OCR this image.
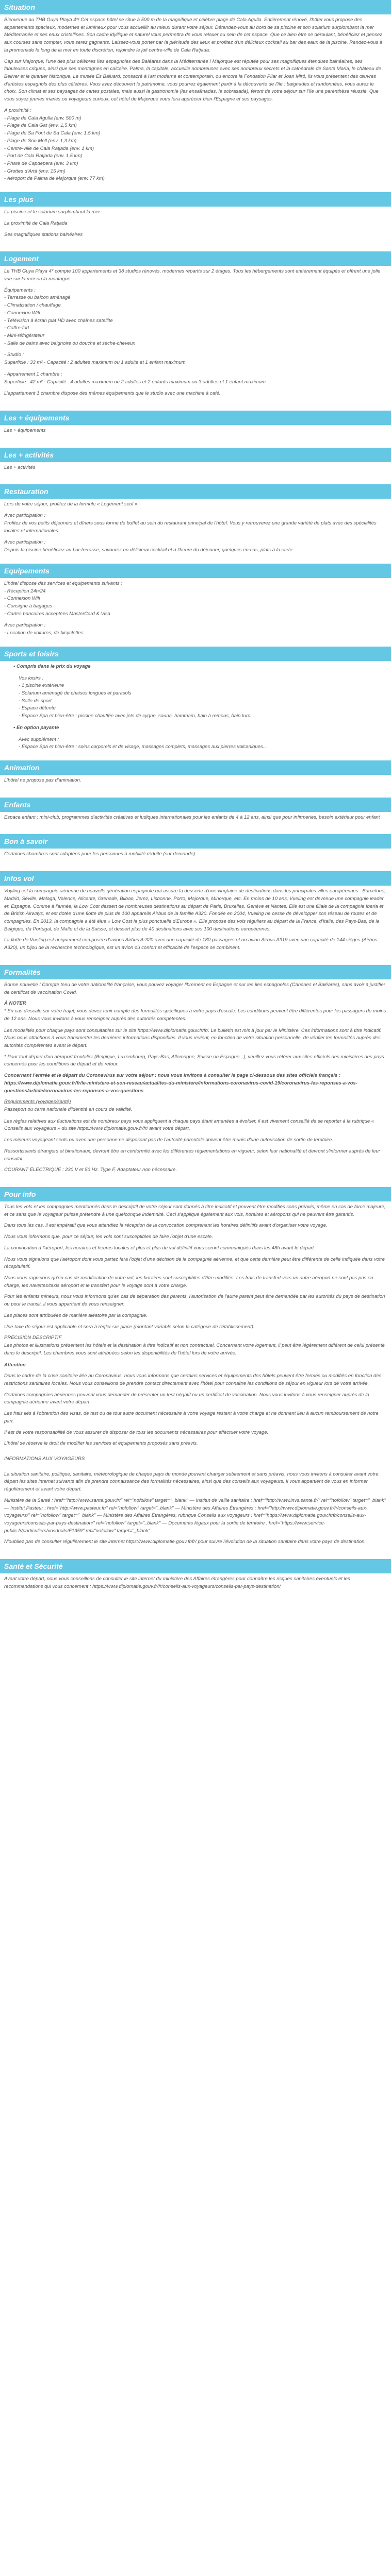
Situation

Bienvenue au THB Guya Playa 4*! Cet espace hôtel se situe à 500 m de la magnifique et célèbre plage de Cala Agulla. Entièrement rénové, l'hôtel vous propose des appartements spacieux, modernes et lumineux pour vous accueillir au mieux durant votre séjour. Détendez-vous au bord de sa piscine et son solarium surplombant la mer Méditerranée et ses eaux cristallines. Son cadre idyllique et naturel vous permettra de vous relaxer au sein de cet espace. Que ce bien être se déroulant, bénéficiez et pensez aux courses sans compter, vous serez gagnants. Laissez-vous porter par la plénitude des lieux et profitez d'un délicieux cocktail au bar des eaux de la piscine. Rendez-vous à la promenade le long de la mer en toute discrétion, rejoindre le joli centre-ville de Cala Ratjada.

Cap sur Majorque, l'une des plus célèbres îles espagnoles des Baléares dans la Méditerranée ! Majorque est réputée pour ses magnifiques étendues balnéaires, ses fabuleuses criques, ainsi que ses montagnes en calcaire. Palma, la capitale, accueille nombreuses avec ses nombreux secrets et la cathédrale de Santa Maria, le château de Bellver et le quartier historique. Le musée Es Baluard, consacré à l'art moderne et contemporain, ou encore la Fondation Pilar et Joan Miró, ils vous présentent des œuvres d'artistes espagnols des plus célèbres. Vous avez découvert le patrimoine, vous pourrez également partir à la découverte de l'île : baignades et randonnées, vous aurez le choix. Son climat et ses paysages de cartes postales, mais aussi la gastronomie (les ensaïmadas, le sobrasada), feront de votre séjour sur l'île une parenthèse réussie. Que vous soyez jeunes mariés ou voyageurs curieux, cet hôtel de Majorque vous fera apprécier bien l'Espagne et ses paysages.

À proximité :

- Plage de Cala Agulla (env. 500 m)

- Plage de Cala Gat (env. 1,5 km)

- Plage de Sa Font de Sa Cala (env. 1,5 km)

- Plage de Son Moll (env. 1,3 km)

- Centre-ville de Cala Ratjada (env. 1 km)

- Port de Cala Ratjada (env. 1,5 km)

- Phare de Capdepera (env. 3 km)

- Grottes d'Artà (env. 15 km)

- Aéroport de Palma de Majorque (env. 77 km)

Les plus

La piscine et le solarium surplombant la mer

La proximité de Cala Ratjada

Ses magnifiques stations balnéaires

Logement

Le THB Guya Playa 4* compte 100 appartements et 38 studios rénovés, modernes répartis sur 2 étages. Tous les hébergements sont entièrement équipés et offrent une jolie vue sur la mer ou la montagne.

Équipements :

- Terrasse ou balcon aménagé

- Climatisation / chauffage

- Connexion Wifi

- Télévision à écran plat HD avec chaînes satellite

- Coffre-fort

- Mini-réfrigérateur

- Salle de bains avec baignoire ou douche et sèche-cheveux

- Studio :

Superficie : 33 m² - Capacité : 2 adultes maximum ou 1 adulte et 1 enfant maximum

- Appartement 1 chambre :

Superficie : 42 m² - Capacité : 4 adultes maximum ou 2 adultes et 2 enfants maximum ou 3 adultes et 1 enfant maximum

L'appartement 1 chambre dispose des mêmes équipements que le studio avec une machine à café.

Les + équipements

Les + équipements

Les + activités

Les + activités

Restauration

Lors de votre séjour, profitez de la formule « Logement seul ».

Avec participation :

Profitez de vos petits déjeuners et dîners sous forme de buffet au sein du restaurant principal de l'hôtel. Vous y retrouverez une grande variété de plats avec des spécialités locales et internationales.

Avec participation :

Depuis la piscine bénéficiez au bar-terrasse, savourez un délicieux cocktail et à l'heure du déjeuner, quelques en-cas, plats à la carte.

Equipements

L'hôtel dispose des services et équipements suivants :

- Réception 24h/24

- Connexion Wifi

- Consigne à bagages

- Cartes bancaires acceptées MasterCard & Visa

Avec participation :

- Location de voitures, de bicyclettes

Sports et loisirs

• Compris dans le prix du voyage

Vos loisirs :

- 1 piscine extérieure

- Solarium aménagé de chaises longues et parasols

- Salle de sport

- Espace détente

- Espace Spa et bien-être : piscine chauffée avec jets de cygne, sauna, hammam, bain à remous, bain turc...

• En option payante

Avec supplément :

- Espace Spa et bien-être : soins corporels et de visage, massages complets, massages aux pierres volcaniques...

Animation

L'hôtel ne propose pas d'animation.

Enfants

Espace enfant : mini-club, programmes d'activités créatives et ludiques internationales pour les enfants de 4 à 12 ans, ainsi que pour infirmeries, besoin extérieur pour enfant

Bon à savoir

Certaines chambres sont adaptées pour les personnes à mobilité réduite (sur demande).

Infos vol

Voyling est la compagnie aérienne de nouvelle génération espagnole qui assure la desserte d'une vingtaine de destinations dans les principales villes européennes : Barcelone, Madrid, Séville, Malaga, Valence, Alicante, Grenade, Bilbao, Jerez, Lisbonne, Porto, Majorque, Minorque, etc. En moins de 10 ans, Vueling est devenue une compagnie leader en Espagne. Comme à l'année, la Low Cost dessert de nombreuses destinations au départ de Paris, Bruxelles, Genève et Nantes. Elle est une filiale de la compagnie Iberia et de British Airways, et est dotée d'une flotte de plus de 100 appareils Airbus de la famille A320. Fondée en 2004, Vueling ne cesse de développer son réseau de routes et de compagnies. En 2013, la compagnie a été élue « Low Cost la plus ponctuelle d'Europe ». Elle propose des vols réguliers au départ de la France, d'Italie, des Pays-Bas, de la Belgique, du Portugal, de Malte et de la Suisse, et dessert plus de 40 destinations avec ses 100 destinations européennes.

La flotte de Vueling est uniquement composée d'avions Airbus A-320 avec une capacité de 180 passagers et un avion Airbus A319 avec une capacité de 144 sièges (Airbus A320), un bijou de la recherche technologique, est un avion où confort et efficacité de l'espace se combinent.

Formalités

Bonne nouvelle ! Compte tenu de votre nationalité française, vous pouvez voyager librement en Espagne et sur les îles espagnoles (Canaries et Baléares), sans avoir à justifier de certificat de vaccination Covid.

À NOTER

* En cas d'escale sur votre trajet, vous devez tenir compte des formalités spécifiques à votre pays d'escale. Les conditions peuvent être différentes pour les passagers de moins de 12 ans. Nous vous invitons à vous renseigner auprès des autorités compétentes.

Les modalités pour chaque pays sont consultables sur le site https://www.diplomatie.gouv.fr/fr/. Le bulletin est mis à jour par le Ministère. Ces informations sont à titre indicatif. Nous nous attachons à vous transmettre les dernières informations disponibles. Il vous revient, en fonction de votre situation personnelle, de vérifier les formalités auprès des autorités compétentes avant le départ.

* Pour tout départ d'un aéroport frontalier (Belgique, Luxembourg, Pays-Bas, Allemagne, Suisse ou Espagne...), veuillez vous référer aux sites officiels des ministères des pays concernés pour les conditions de départ et de retour.

Concernant l'entrée et le départ du Coronavirus sur votre séjour : nous vous invitons à consulter la page ci-dessous des sites officiels français : https://www.diplomatie.gouv.fr/fr/le-ministere-et-son-reseau/actualites-du-ministere/informations-coronavirus-covid-19/coronavirus-les-reponses-a-vos-questions/article/coronavirus-les-reponses-a-vos-questions

Requirements (voyages/santé)

Passeport ou carte nationale d'identité en cours de validité.

Les règles relatives aux fluctuations est de nombreux pays vous appliquent à chaque pays étant amenées à évoluer, il est vivement conseillé de se reporter à la rubrique « Conseils aux voyageurs » du site https://www.diplomatie.gouv.fr/fr/ avant votre départ.

Les mineurs voyageant seuls ou avec une personne ne disposant pas de l'autorité parentale doivent être munis d'une autorisation de sortie de territoire.

Ressortissants étrangers et binationaux, devront être en conformité avec les différentes réglementations en vigueur, selon leur nationalité et devront s'informer auprès de leur consulat.

COURANT ÉLECTRIQUE : 230 V et 50 Hz. Type F, Adaptateur non nécessaire.

Pour info

Tous les vols et les compagnies mentionnés dans le descriptif de votre séjour sont donnés à titre indicatif et peuvent être modifiés sans préavis, même en cas de force majeure, et ce sans que le voyageur puisse prétendre à une quelconque indemnité. Ceci s'applique également aux vols, horaires et aéroports qui ne peuvent être garantis.

Dans tous les cas, il est impératif que vous attendiez la réception de la convocation comprenant les horaires définitifs avant d'organiser votre voyage.

Nous vous informons que, pour ce séjour, les vols sont susceptibles de faire l'objet d'une escale.

La convocation à l'aéroport, les horaires et heures locales et plus et plus de vol définitif vous seront communiqués dans les 48h avant le départ.

Nous vous signalons que l'aéroport dont vous partez fera l'objet d'une décision de la compagnie aérienne, et que cette dernière peut être différente de celle indiquée dans votre récapitulatif.

Nous vous rappelons qu'en cas de modification de votre vol, les horaires sont susceptibles d'être modifiés. Les frais de transfert vers un autre aéroport ne sont pas pris en charge, les navettes/taxis aéroport et le transfert pour le voyage sont à votre charge.

Pour les enfants mineurs, nous vous informons qu'en cas de séparation des parents, l'autorisation de l'autre parent peut être demandée par les autorités du pays de destination ou pour le transit, il vous appartient de vous renseigner.

Les places sont attribuées de manière aléatoire par la compagnie.

Une taxe de séjour est applicable et sera à régler sur place (montant variable selon la catégorie de l'établissement).

PRÉCISION DESCRIPTIF

Les photos et illustrations présentent les hôtels et la destination à titre indicatif et non contractuel. Concernant votre logement, il peut être légèrement différent de celui présenté dans le descriptif. Les chambres vous sont attribuées selon les disponibilités de l'hôtel lors de votre arrivée.

Attention

Dans le cadre de la crise sanitaire liée au Coronavirus, nous vous informons que certains services et équipements des hôtels peuvent être fermés ou modifiés en fonction des restrictions sanitaires locales. Nous vous conseillons de prendre contact directement avec l'hôtel pour connaître les conditions de séjour en vigueur lors de votre arrivée.

Certaines compagnies aériennes peuvent vous demander de présenter un test négatif ou un certificat de vaccination. Nous vous invitons à vous renseigner auprès de la compagnie aérienne avant votre départ.

Les frais liés à l'obtention des visas, de test ou de tout autre document nécessaire à votre voyage restent à votre charge et ne donnent lieu à aucun remboursement de notre part.

Il est de votre responsabilité de vous assurer de disposer de tous les documents nécessaires pour effectuer votre voyage.

L'hôtel se réserve le droit de modifier les services et équipements proposés sans préavis.

INFORMATIONS AUX VOYAGEURS

La situation sanitaire, politique, sanitaire, météorologique de chaque pays du monde pouvant changer subitement et sans préavis, nous vous invitons à consulter avant votre départ les sites internet suivants afin de prendre connaissance des formalités nécessaires, ainsi que des conseils aux voyageurs. Il vous appartient de vous en informer régulièrement et avant votre départ.

Ministère de la Santé : href="http://www.sante.gouv.fr/" rel="nofollow" target="_blank" — Institut de veille sanitaire : href="http://www.invs.sante.fr/" rel="nofollow" target="_blank" — Institut Pasteur : href="http://www.pasteur.fr/" rel="nofollow" target="_blank" — Ministère des Affaires Étrangères : href="http://www.diplomatie.gouv.fr/fr/conseils-aux-voyageurs/" rel="nofollow" target="_blank" — Ministère des Affaires Étrangères, rubrique Conseils aux voyageurs : href="https://www.diplomatie.gouv.fr/fr/conseils-aux-voyageurs/conseils-par-pays-destination/" rel="nofollow" target="_blank" — Documents légaux pour la sortie de territoire : href="https://www.service-public.fr/particuliers/vosdroits/F1359" rel="nofollow" target="_blank"

N'oubliez pas de consulter régulièrement le site internet https://www.diplomatie.gouv.fr/fr/ pour suivre l'évolution de la situation sanitaire dans votre pays de destination.

Santé et Sécurité

Avant votre départ, nous vous conseillons de consulter le site internet du ministère des Affaires étrangères pour connaître les risques sanitaires éventuels et les recommandations qui vous concernent : https://www.diplomatie.gouv.fr/fr/conseils-aux-voyageurs/conseils-par-pays-destination/
